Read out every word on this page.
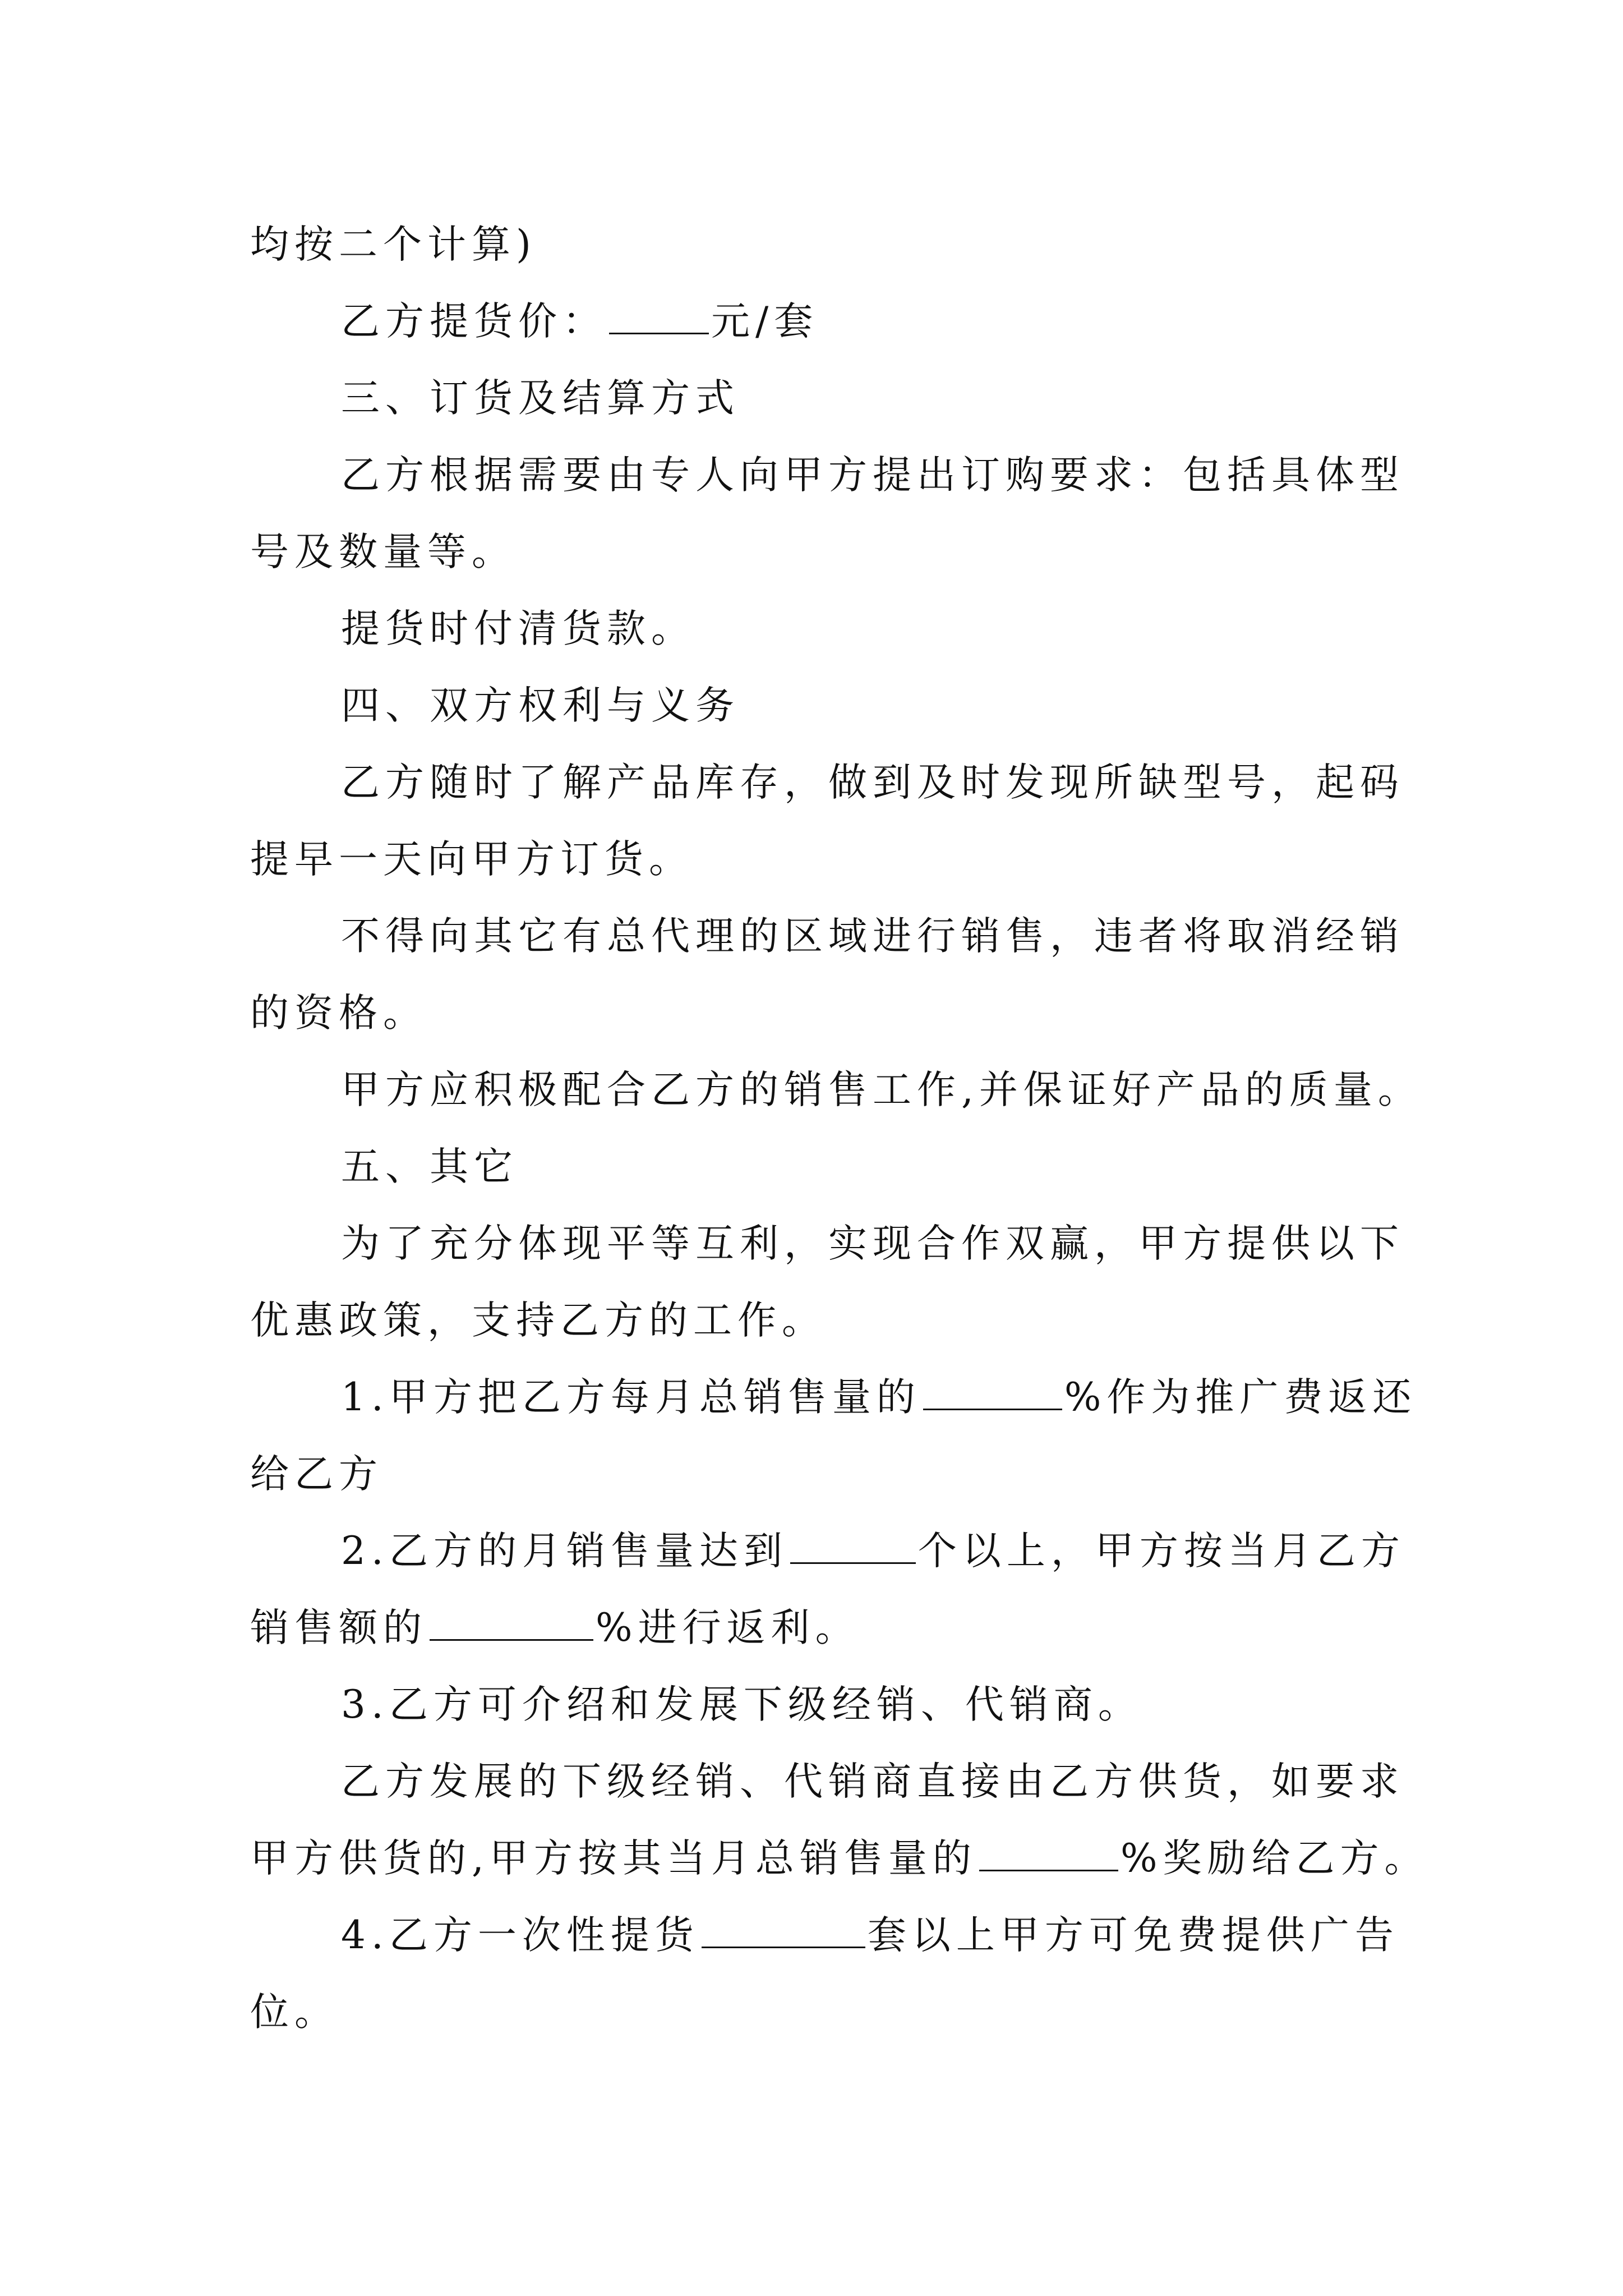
均按二个计算)
乙方提货价：	元/套
三、订货及结算方式
乙方根据需要由专人向甲方提出订购要求：包括具体型
号及数量等。
提货时付清货款。
四、双方权利与义务
乙方随时了解产品库存，做到及时发现所缺型号，起码
提早一天向甲方订货。
不得向其它有总代理的区域进行销售，违者将取消经销
的资格。
甲方应积极配合乙方的销售工作,并保证好产品的质量。
五、其它
为了充分体现平等互利，实现合作双赢，甲方提供以下
优惠政策，支持乙方的工作。
1.甲方把乙方每月总销售量的	%作为推广费返还
给乙方
2.乙方的月销售量达到	个以上，甲方按当月乙方
销售额的	%进行返利。
3.乙方可介绍和发展下级经销、代销商。
乙方发展的下级经销、代销商直接由乙方供货，如要求
甲方供货的,甲方按其当月总销售量的	%奖励给乙方。
4.乙方一次性提货	套以上甲方可免费提供广告
位。
